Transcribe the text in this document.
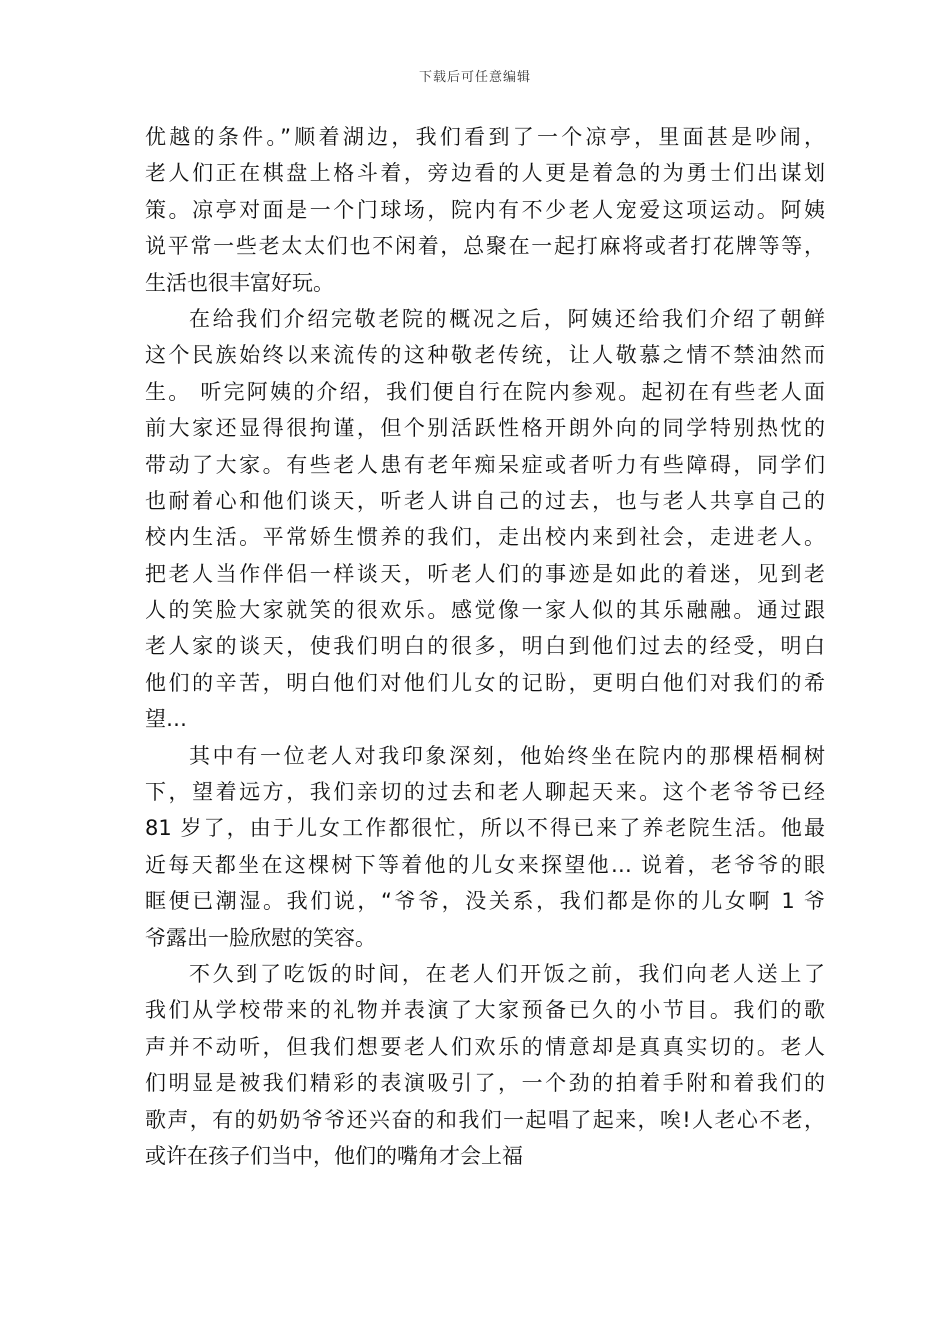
下载后可任意编辑
优越的条件。”顺着湖边，我们看到了一个凉亭，里面甚是吵闹，
老人们正在棋盘上格斗着，旁边看的人更是着急的为勇士们出谋划
策。凉亭对面是一个门球场，院内有不少老人宠爱这项运动。阿姨
说平常一些老太太们也不闲着，总聚在一起打麻将或者打花牌等等，
生活也很丰富好玩。
在给我们介绍完敬老院的概况之后，阿姨还给我们介绍了朝鲜
这个民族始终以来流传的这种敬老传统，让人敬慕之情不禁油然而
生。 听完阿姨的介绍，我们便自行在院内参观。起初在有些老人面
前大家还显得很拘谨，但个别活跃性格开朗外向的同学特别热忱的
带动了大家。有些老人患有老年痴呆症或者听力有些障碍，同学们
也耐着心和他们谈天，听老人讲自己的过去，也与老人共享自己的
校内生活。平常娇生惯养的我们，走出校内来到社会，走进老人。
把老人当作伴侣一样谈天，听老人们的事迹是如此的着迷，见到老
人的笑脸大家就笑的很欢乐。感觉像一家人似的其乐融融。通过跟
老人家的谈天，使我们明白的很多，明白到他们过去的经受，明白
他们的辛苦，明白他们对他们儿女的记盼，更明白他们对我们的希
望…
其中有一位老人对我印象深刻，他始终坐在院内的那棵梧桐树
下，望着远方，我们亲切的过去和老人聊起天来。这个老爷爷已经
81 岁了，由于儿女工作都很忙，所以不得已来了养老院生活。他最
近每天都坐在这棵树下等着他的儿女来探望他… 说着，老爷爷的眼
眶便已潮湿。我们说，“爷爷，没关系，我们都是你的儿女啊 1 爷
爷露出一脸欣慰的笑容。
不久到了吃饭的时间，在老人们开饭之前，我们向老人送上了
我们从学校带来的礼物并表演了大家预备已久的小节目。我们的歌
声并不动听，但我们想要老人们欢乐的情意却是真真实切的。老人
们明显是被我们精彩的表演吸引了，一个劲的拍着手附和着我们的
歌声，有的奶奶爷爷还兴奋的和我们一起唱了起来，唉!人老心不老，
或许在孩子们当中，他们的嘴角才会上福
